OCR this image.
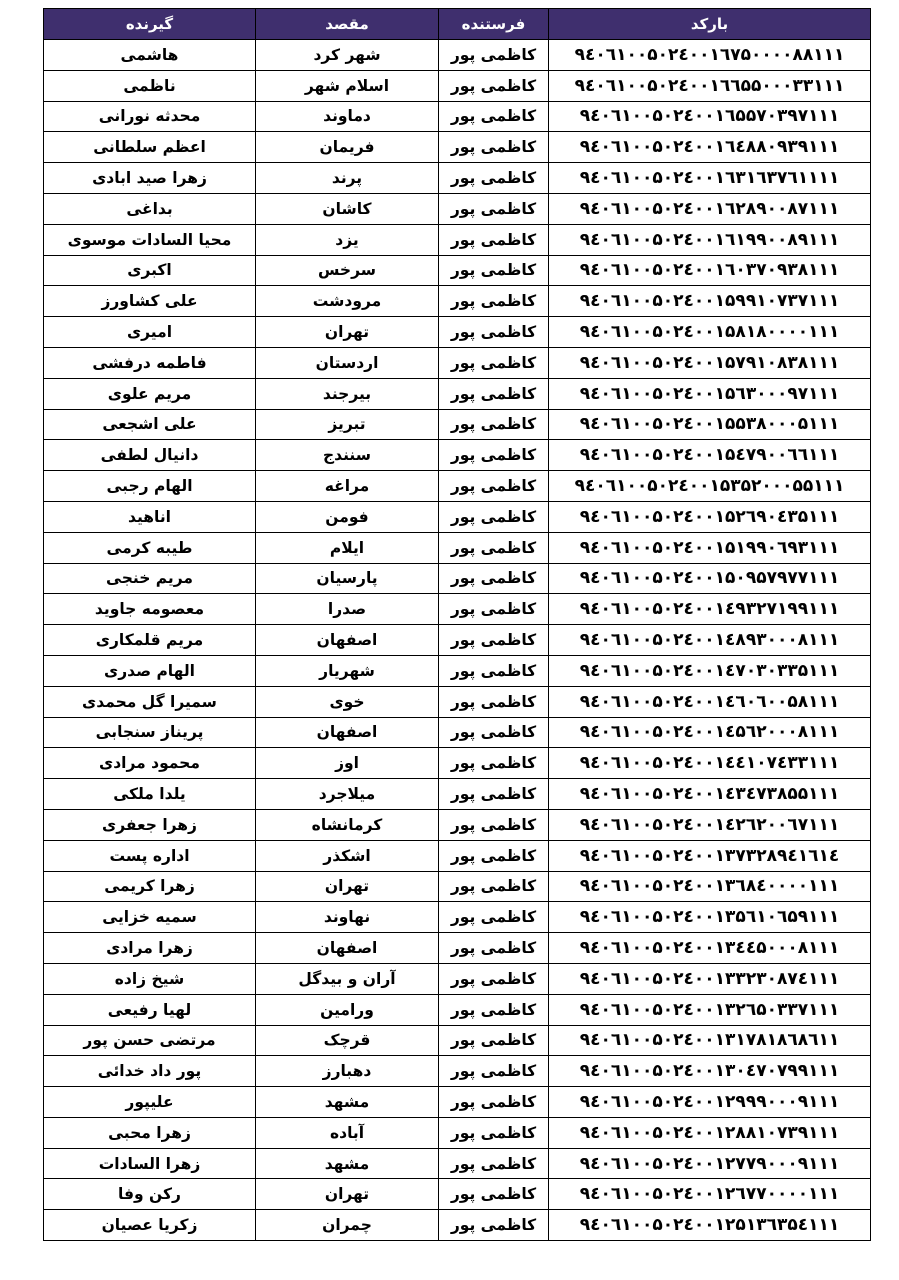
بارکد	فرستنده	مقصد	گیرنده
۹٤۰٦۱۰۰۵۰۲٤۰۰۱٦۷۵۰۰۰۰۸۸۱۱۱	کاظمی پور	شهر کرد	هاشمی
۹٤۰٦۱۰۰۵۰۲٤۰۰۱٦٦۵۵۰۰۰۳۳۱۱۱	کاظمی پور	اسلام شهر	ناظمی
۹٤۰٦۱۰۰۵۰۲٤۰۰۱٦۵۵۷۰۳۹۷۱۱۱	کاظمی پور	دماوند	محدثه نورانی
۹٤۰٦۱۰۰۵۰۲٤۰۰۱٦٤۸۸۰۹۳۹۱۱۱	کاظمی پور	فریمان	اعظم سلطانی
۹٤۰٦۱۰۰۵۰۲٤۰۰۱٦۳۱٦۳۷٦۱۱۱۱	کاظمی پور	پرند	زهرا صید ابادی
۹٤۰٦۱۰۰۵۰۲٤۰۰۱٦۲۸۹۰۰۸۷۱۱۱	کاظمی پور	کاشان	بداغی
۹٤۰٦۱۰۰۵۰۲٤۰۰۱٦۱۹۹۰۰۸۹۱۱۱	کاظمی پور	یزد	محیا السادات موسوی
۹٤۰٦۱۰۰۵۰۲٤۰۰۱٦۰۳۷۰۹۳۸۱۱۱	کاظمی پور	سرخس	اکبری
۹٤۰٦۱۰۰۵۰۲٤۰۰۱۵۹۹۱۰۷۳۷۱۱۱	کاظمی پور	مرودشت	علی کشاورز
۹٤۰٦۱۰۰۵۰۲٤۰۰۱۵۸۱۸۰۰۰۰۱۱۱	کاظمی پور	تهران	امیری
۹٤۰٦۱۰۰۵۰۲٤۰۰۱۵۷۹۱۰۸۳۸۱۱۱	کاظمی پور	اردستان	فاطمه درفشی
۹٤۰٦۱۰۰۵۰۲٤۰۰۱۵٦۳۰۰۰۹۷۱۱۱	کاظمی پور	بیرجند	مریم علوی
۹٤۰٦۱۰۰۵۰۲٤۰۰۱۵۵۳۸۰۰۰۵۱۱۱	کاظمی پور	تبریز	علی اشجعی
۹٤۰٦۱۰۰۵۰۲٤۰۰۱۵٤۷۹۰۰٦٦۱۱۱	کاظمی پور	سنندج	دانیال لطفی
۹٤۰٦۱۰۰۵۰۲٤۰۰۱۵۳۵۲۰۰۰۵۵۱۱۱	کاظمی پور	مراغه	الهام رجبی
۹٤۰٦۱۰۰۵۰۲٤۰۰۱۵۲٦۹۰٤۳۵۱۱۱	کاظمی پور	فومن	اناهید
۹٤۰٦۱۰۰۵۰۲٤۰۰۱۵۱۹۹۰٦۹۳۱۱۱	کاظمی پور	ایلام	طیبه کرمی
۹٤۰٦۱۰۰۵۰۲٤۰۰۱۵۰۹۵۷۹۷۷۱۱۱	کاظمی پور	پارسیان	مریم خنجی
۹٤۰٦۱۰۰۵۰۲٤۰۰۱٤۹۳۲۷۱۹۹۱۱۱	کاظمی پور	صدرا	معصومه جاوید
۹٤۰٦۱۰۰۵۰۲٤۰۰۱٤۸۹۳۰۰۰۸۱۱۱	کاظمی پور	اصفهان	مریم قلمکاری
۹٤۰٦۱۰۰۵۰۲٤۰۰۱٤۷۰۳۰۳۳۵۱۱۱	کاظمی پور	شهریار	الهام صدری
۹٤۰٦۱۰۰۵۰۲٤۰۰۱٤٦۰٦۰۰۵۸۱۱۱	کاظمی پور	خوی	سمیرا گل محمدی
۹٤۰٦۱۰۰۵۰۲٤۰۰۱٤۵٦۲۰۰۰۸۱۱۱	کاظمی پور	اصفهان	پریناز سنجابی
۹٤۰٦۱۰۰۵۰۲٤۰۰۱٤٤۱۰۷٤۳۳۱۱۱	کاظمی پور	اوز	محمود مرادی
۹٤۰٦۱۰۰۵۰۲٤۰۰۱٤۳٤۷۳۸۵۵۱۱۱	کاظمی پور	میلاجرد	یلدا ملکی
۹٤۰٦۱۰۰۵۰۲٤۰۰۱٤۲٦۲۰۰٦۷۱۱۱	کاظمی پور	کرمانشاه	زهرا جعفری
۹٤۰٦۱۰۰۵۰۲٤۰۰۱۳۷۳۲۸۹٤۱٦۱٤	کاظمی پور	اشکذر	اداره پست
۹٤۰٦۱۰۰۵۰۲٤۰۰۱۳٦۸٤۰۰۰۰۱۱۱	کاظمی پور	تهران	زهرا کریمی
۹٤۰٦۱۰۰۵۰۲٤۰۰۱۳۵٦۱۰٦۵۹۱۱۱	کاظمی پور	نهاوند	سمیه خزایی
۹٤۰٦۱۰۰۵۰۲٤۰۰۱۳٤٤۵۰۰۰۸۱۱۱	کاظمی پور	اصفهان	زهرا مرادی
۹٤۰٦۱۰۰۵۰۲٤۰۰۱۳۳۲۳۰۸۷٤۱۱۱	کاظمی پور	آران و بیدگل	شیخ زاده
۹٤۰٦۱۰۰۵۰۲٤۰۰۱۳۲٦۵۰۳۳۷۱۱۱	کاظمی پور	ورامین	لهیا رفیعی
۹٤۰٦۱۰۰۵۰۲٤۰۰۱۳۱۷۸۱۸٦۸٦۱۱	کاظمی پور	قرچک	مرتضی حسن پور
۹٤۰٦۱۰۰۵۰۲٤۰۰۱۳۰٤۷۰۷۹۹۱۱۱	کاظمی پور	دهبارز	پور داد خدائی
۹٤۰٦۱۰۰۵۰۲٤۰۰۱۲۹۹۹۰۰۰۹۱۱۱	کاظمی پور	مشهد	علیپور
۹٤۰٦۱۰۰۵۰۲٤۰۰۱۲۸۸۱۰۷۳۹۱۱۱	کاظمی پور	آباده	زهرا محبی
۹٤۰٦۱۰۰۵۰۲٤۰۰۱۲۷۷۹۰۰۰۹۱۱۱	کاظمی پور	مشهد	زهرا السادات
۹٤۰٦۱۰۰۵۰۲٤۰۰۱۲٦۷۷۰۰۰۰۱۱۱	کاظمی پور	تهران	رکن وفا
۹٤۰٦۱۰۰۵۰۲٤۰۰۱۲۵۱۳٦۳۵٤۱۱۱	کاظمی پور	چمران	زکریا عصیان
